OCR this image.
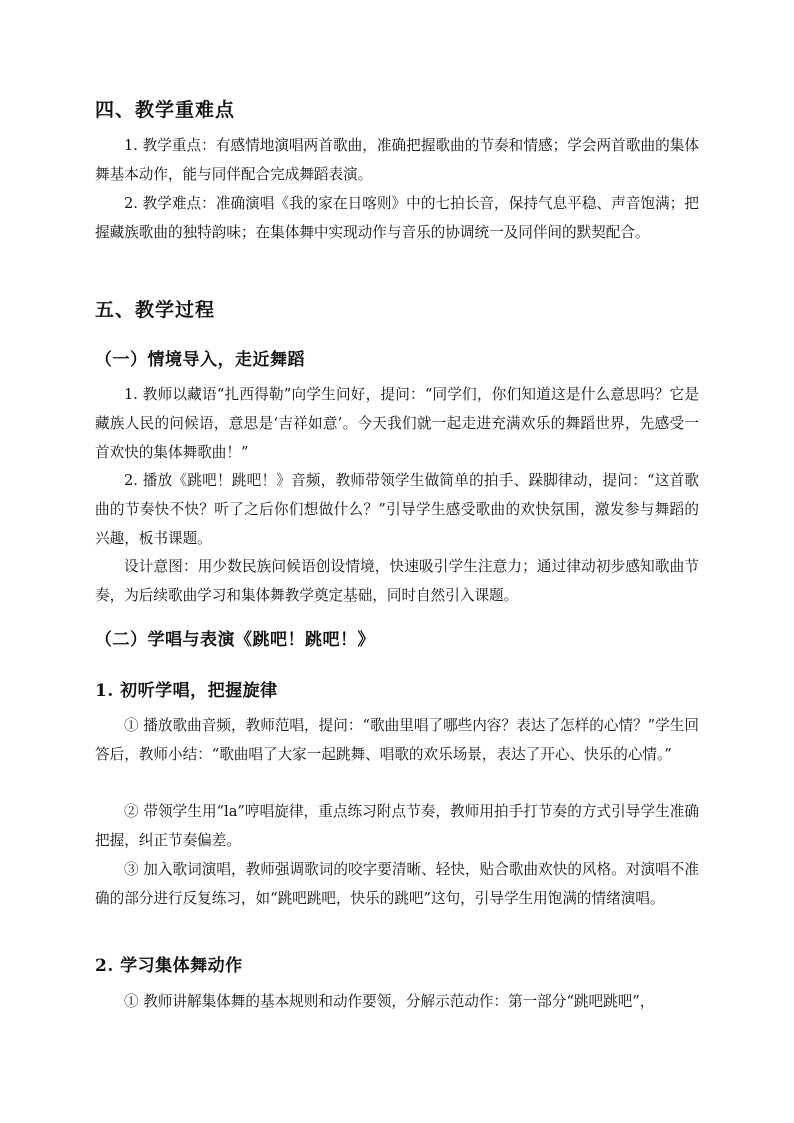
四、教学重难点

1. 教学重点：有感情地演唱两首歌曲，准确把握歌曲的节奏和情感；学会两首歌曲的集体舞基本动作，能与同伴配合完成舞蹈表演。

2. 教学难点：准确演唱《我的家在日喀则》中的七拍长音，保持气息平稳、声音饱满；把握藏族歌曲的独特韵味；在集体舞中实现动作与音乐的协调统一及同伴间的默契配合。

五、教学过程
（一）情境导入，走近舞蹈

1. 教师以藏语“扎西得勒”向学生问好，提问：“同学们，你们知道这是什么意思吗？它是藏族人民的问候语，意思是‘吉祥如意’。今天我们就一起走进充满欢乐的舞蹈世界，先感受一首欢快的集体舞歌曲！”

2. 播放《跳吧！跳吧！》音频，教师带领学生做简单的拍手、跺脚律动，提问：“这首歌曲的节奏快不快？听了之后你们想做什么？”引导学生感受歌曲的欢快氛围，激发参与舞蹈的兴趣，板书课题。

设计意图：用少数民族问候语创设情境，快速吸引学生注意力；通过律动初步感知歌曲节奏，为后续歌曲学习和集体舞教学奠定基础，同时自然引入课题。

（二）学唱与表演《跳吧！跳吧！》
1. 初听学唱，把握旋律

① 播放歌曲音频，教师范唱，提问：“歌曲里唱了哪些内容？表达了怎样的心情？”学生回答后，教师小结：“歌曲唱了大家一起跳舞、唱歌的欢乐场景，表达了开心、快乐的心情。”

② 带领学生用“la”哼唱旋律，重点练习附点节奏，教师用拍手打节奏的方式引导学生准确把握，纠正节奏偏差。

③ 加入歌词演唱，教师强调歌词的咬字要清晰、轻快，贴合歌曲欢快的风格。对演唱不准确的部分进行反复练习，如“跳吧跳吧，快乐的跳吧”这句，引导学生用饱满的情绪演唱。

2. 学习集体舞动作

① 教师讲解集体舞的基本规则和动作要领，分解示范动作：第一部分“跳吧跳吧”，
